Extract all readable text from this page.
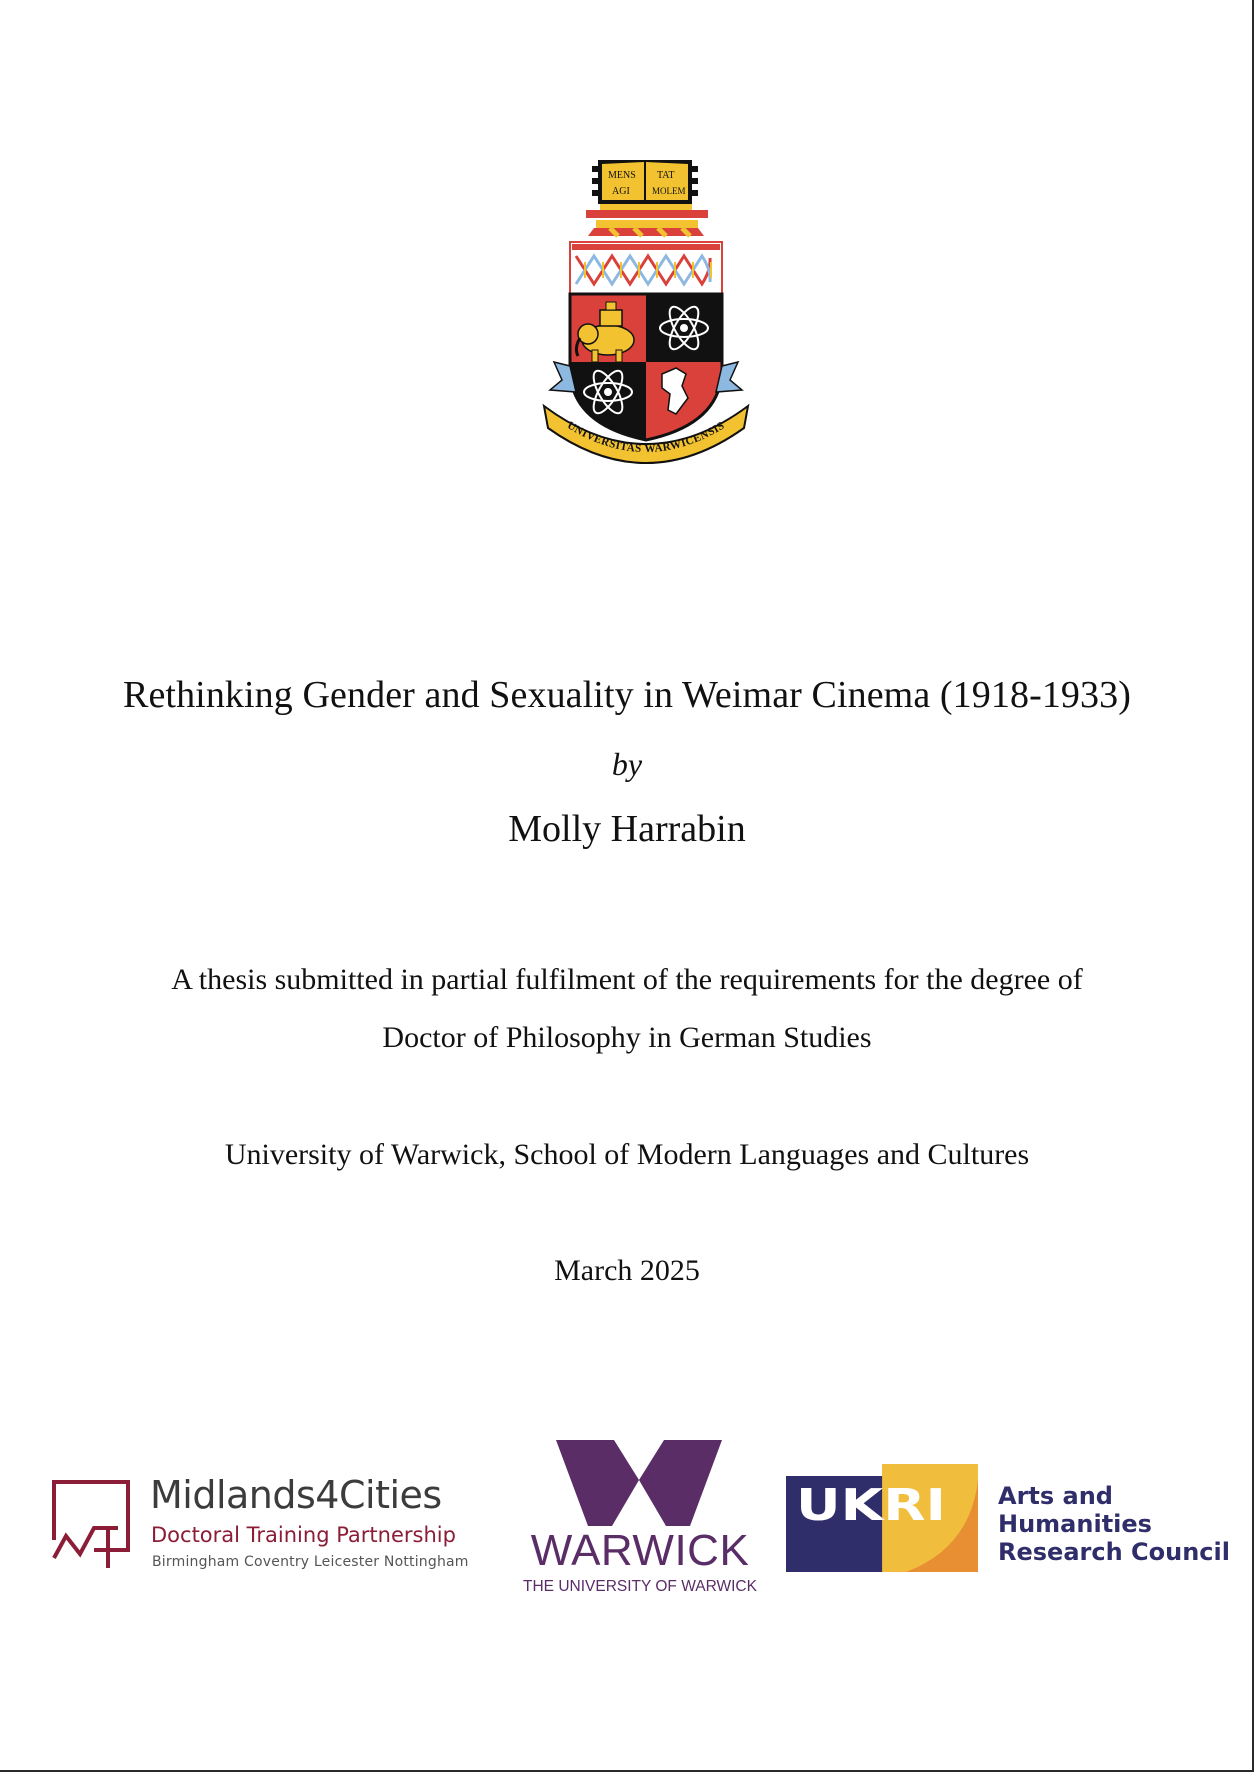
MENS TAT
AGI MOLEM
UNIVERSITAS WARWICENSIS
Rethinking Gender and Sexuality in Weimar Cinema (1918-1933)
by
Molly Harrabin
A thesis submitted in partial fulfilment of the requirements for the degree of
Doctor of Philosophy in German Studies
University of Warwick, School of Modern Languages and Cultures
March 2025
Midlands4Cities
Doctoral Training Partnership
Birmingham Coventry Leicester Nottingham WARWICK
THE UNIVERSITY OF WARWICK
UKRI Arts and
Humanities
Research Council
